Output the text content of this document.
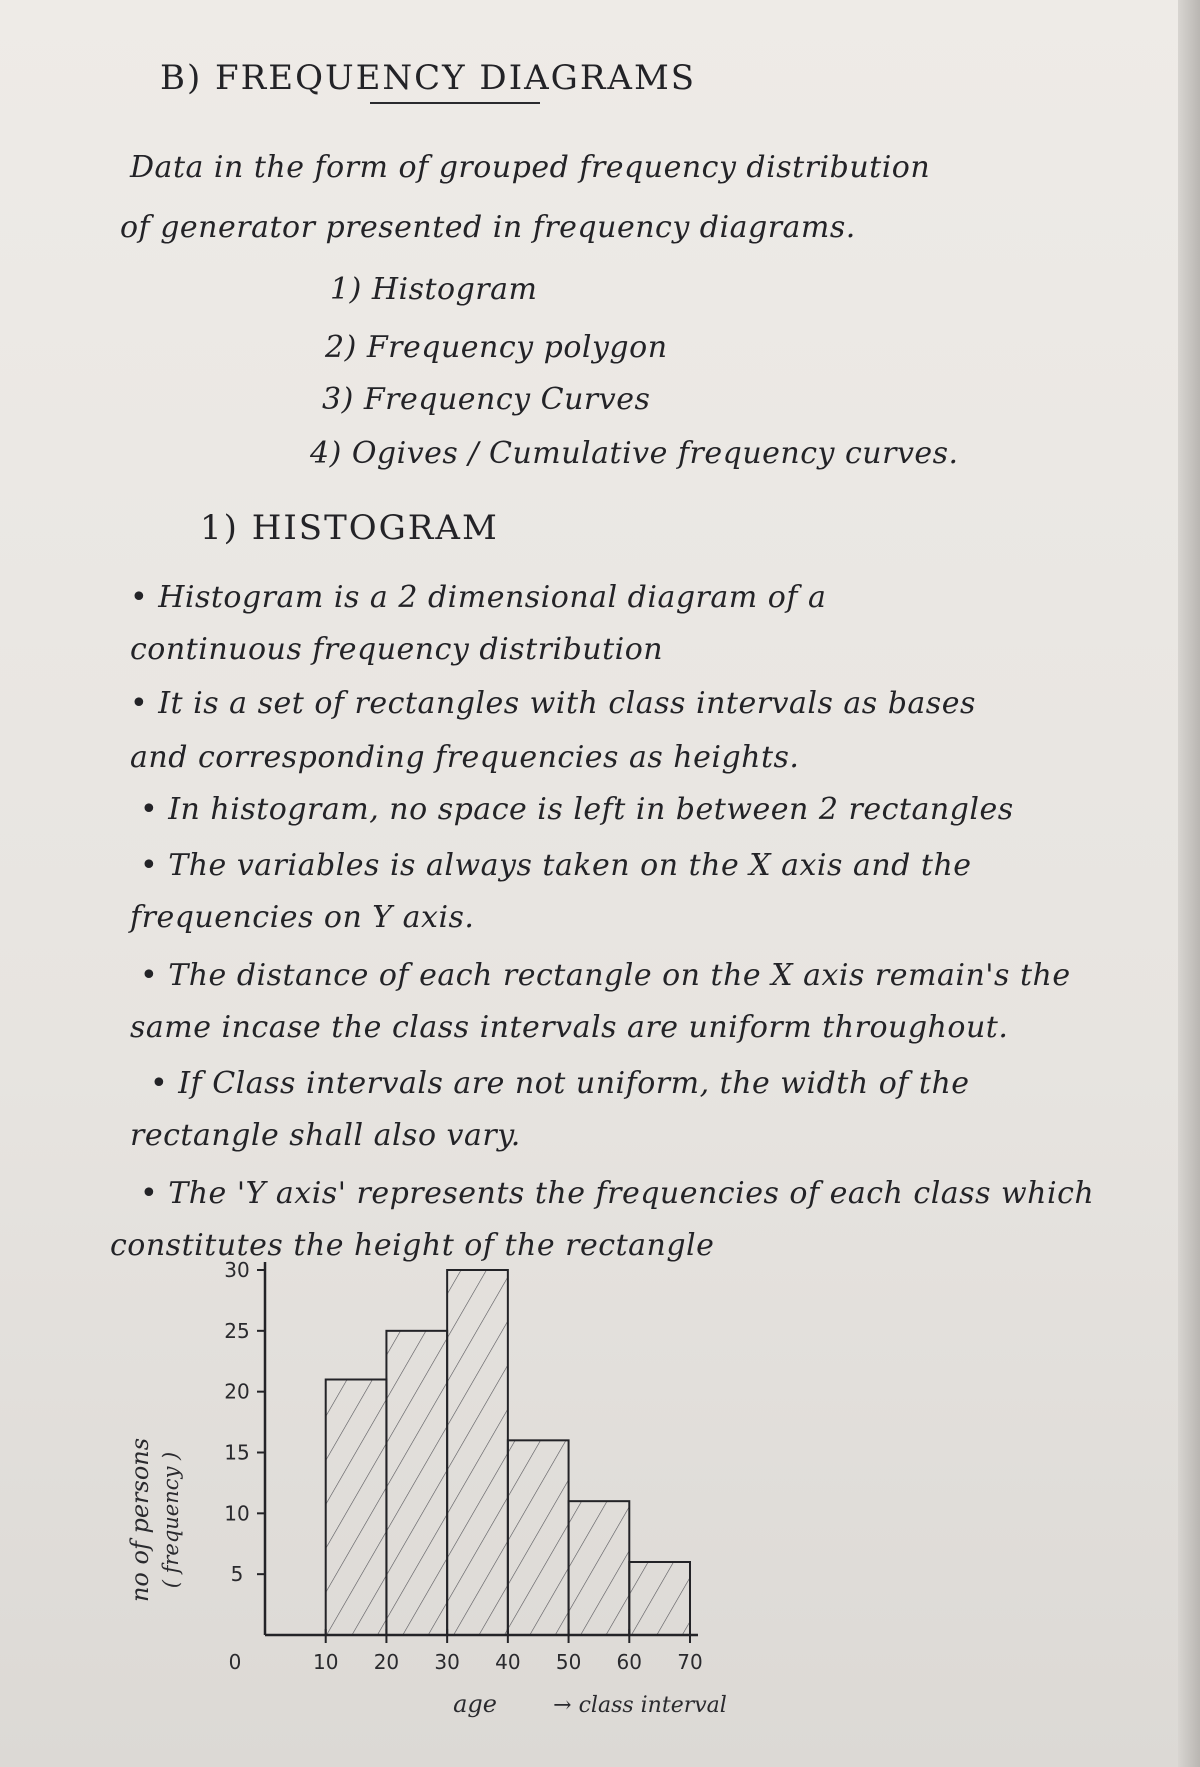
B) FREQUENCY DIAGRAMS
Data in the form of grouped frequency distribution
of generator presented in frequency diagrams.
1) Histogram
2) Frequency polygon
3) Frequency Curves
4) Ogives / Cumulative frequency curves.
1) HISTOGRAM
• Histogram is a 2 dimensional diagram of a
continuous frequency distribution
• It is a set of rectangles with class intervals as bases
and corresponding frequencies as heights.
• In histogram, no space is left in between 2 rectangles
• The variables is always taken on the X axis and the
frequencies on Y axis.
• The distance of each rectangle on the X axis remain's the
same incase the class intervals are uniform throughout.
• If Class intervals are not uniform, the width of the
rectangle shall also vary.
• The 'Y axis' represents the frequencies of each class which
constitutes the height of the rectangle
0	10 20 30 40 50 60 70
5
10
15
20
25
30
age	→ class interval
no of persons ( frequency )
